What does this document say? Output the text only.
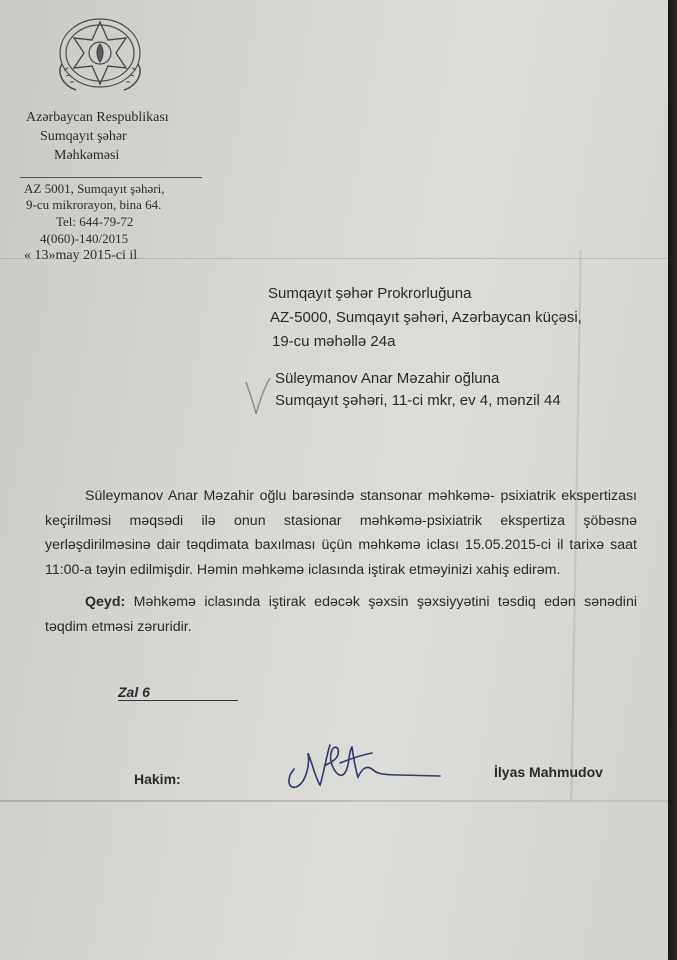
Azərbaycan Respublikası
Sumqayıt şəhər
Məhkəməsi
AZ 5001, Sumqayıt şəhəri,
9-cu mikrorayon, bina 64.
Tel: 644-79-72
4(060)-140/2015
« 13»may 2015-ci il
Sumqayıt şəhər Prokrorluğuna
AZ-5000, Sumqayıt şəhəri, Azərbaycan küçəsi,
19-cu məhəllə 24a
Süleymanov Anar Məzahir oğluna
Sumqayıt şəhəri, 11-ci mkr, ev 4, mənzil 44

Süleymanov Anar Məzahir oğlu barəsində stansonar məhkəmə- psixiatrik ekspertizası keçirilməsi məqsədi ilə onun stasionar məhkəmə-psixiatrik ekspertiza şöbəsnə yerləşdirilməsinə dair təqdimata baxılması üçün məhkəmə iclası 15.05.2015-ci il tarixə saat 11:00-a təyin edilmişdir. Həmin məhkəmə iclasında iştirak etməyinizi xahiş edirəm.

Qeyd: Məhkəmə iclasında iştirak edəcək şəxsin şəxsiyyətini təsdiq edən sənədini təqdim etməsi zəruridir.

Zal 6
Hakim:	İlyas Mahmudov
